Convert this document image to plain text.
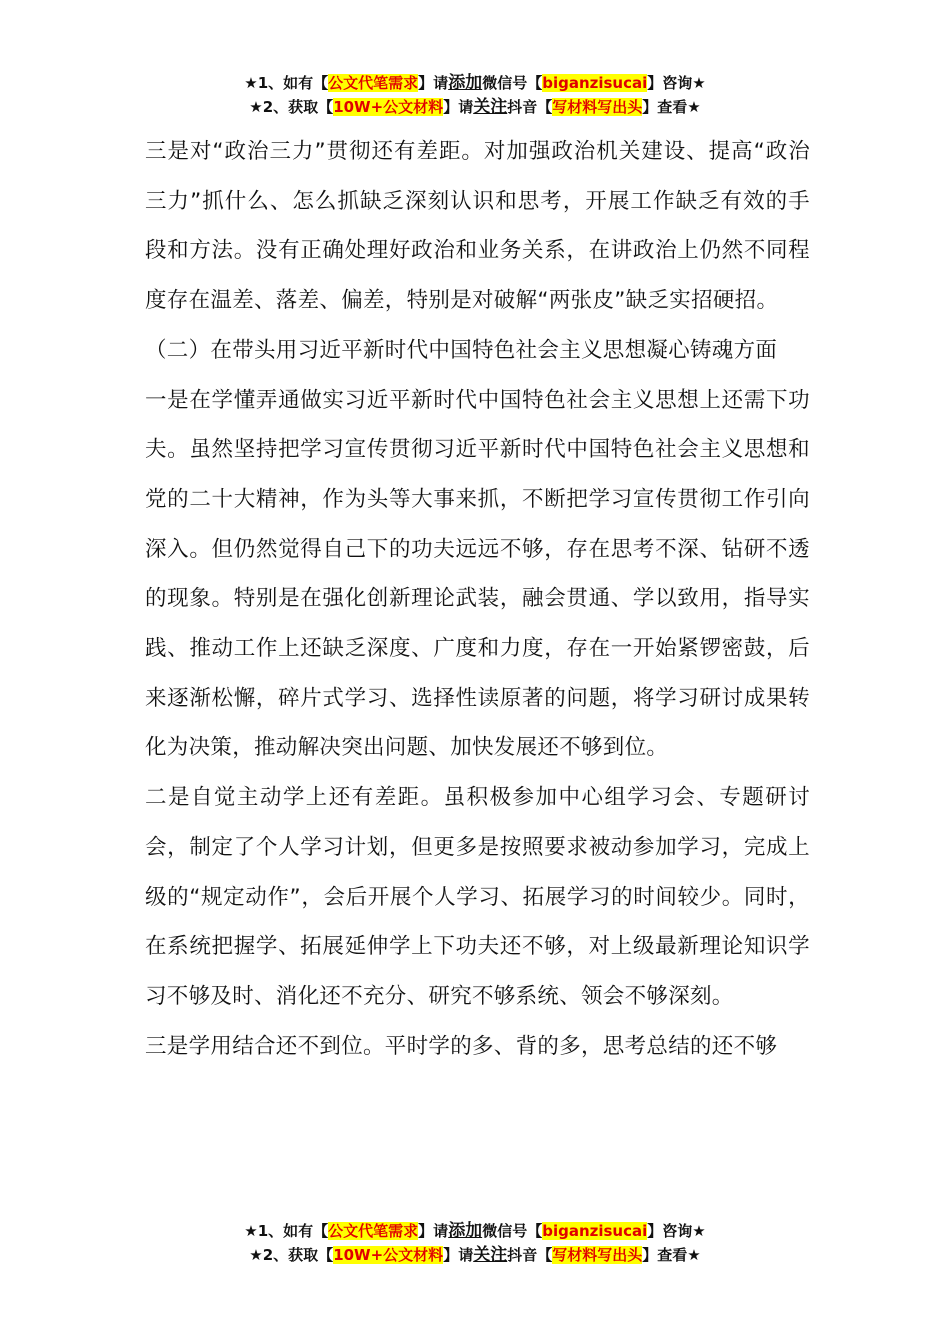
★1、如有【公文代笔需求】请添加微信号【biganzisucai】咨询★
★2、获取【10W+公文材料】请关注抖音【写材料写出头】查看★

三是对“政治三力”贯彻还有差距。对加强政治机关建设、提高“政治三力”抓什么、怎么抓缺乏深刻认识和思考，开展工作缺乏有效的手段和方法。没有正确处理好政治和业务关系，在讲政治上仍然不同程度存在温差、落差、偏差，特别是对破解“两张皮”缺乏实招硬招。

（二）在带头用习近平新时代中国特色社会主义思想凝心铸魂方面

一是在学懂弄通做实习近平新时代中国特色社会主义思想上还需下功夫。虽然坚持把学习宣传贯彻习近平新时代中国特色社会主义思想和党的二十大精神，作为头等大事来抓，不断把学习宣传贯彻工作引向深入。但仍然觉得自己下的功夫远远不够，存在思考不深、钻研不透的现象。特别是在强化创新理论武装，融会贯通、学以致用，指导实践、推动工作上还缺乏深度、广度和力度，存在一开始紧锣密鼓，后来逐渐松懈，碎片式学习、选择性读原著的问题，将学习研讨成果转化为决策，推动解决突出问题、加快发展还不够到位。

二是自觉主动学上还有差距。虽积极参加中心组学习会、专题研讨会，制定了个人学习计划，但更多是按照要求被动参加学习，完成上级的“规定动作”，会后开展个人学习、拓展学习的时间较少。同时，在系统把握学、拓展延伸学上下功夫还不够，对上级最新理论知识学习不够及时、消化还不充分、研究不够系统、领会不够深刻。

三是学用结合还不到位。平时学的多、背的多，思考总结的还不够

★1、如有【公文代笔需求】请添加微信号【biganzisucai】咨询★
★2、获取【10W+公文材料】请关注抖音【写材料写出头】查看★
